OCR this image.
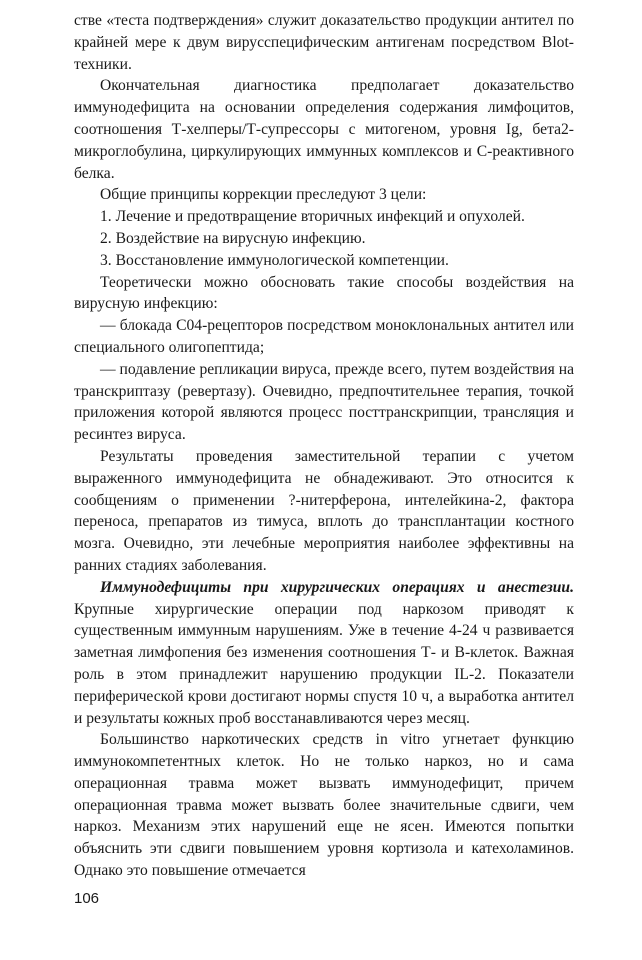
стве «теста подтверждения» служит доказательство продукции антител по крайней мере к двум вирусспецифическим антигенам посредством Blot-техники.

Окончательная диагностика предполагает доказательство иммунодефицита на основании определения содержания лимфоцитов, соотношения Т-хелперы/Т-супрессоры с митогеном, уровня Ig, бета2-микроглобулина, циркулирующих иммунных комплексов и С-реактивного белка.

Общие принципы коррекции преследуют 3 цели:

1. Лечение и предотвращение вторичных инфекций и опухолей.

2. Воздействие на вирусную инфекцию.

3. Восстановление иммунологической компетенции.

Теоретически можно обосновать такие способы воздействия на вирусную инфекцию:

— блокада С04-рецепторов посредством моноклональных антител или специального олигопептида;

— подавление репликации вируса, прежде всего, путем воздействия на транскриптазу (ревертазу). Очевидно, предпочтительнее терапия, точкой приложения которой являются процесс посттранскрипции, трансляция и ресинтез вируса.

Результаты проведения заместительной терапии с учетом выраженного иммунодефицита не обнадеживают. Это относится к сообщениям о применении ?-нитерферона, интелейкина-2, фактора переноса, препаратов из тимуса, вплоть до трансплантации костного мозга. Очевидно, эти лечебные мероприятия наиболее эффективны на ранних стадиях заболевания.

Иммунодефициты при хирургических операциях и анестезии. Крупные хирургические операции под наркозом приводят к существенным иммунным нарушениям. Уже в течение 4-24 ч развивается заметная лимфопения без изменения соотношения Т- и В-клеток. Важная роль в этом принадлежит нарушению продукции IL-2. Показатели периферической крови достигают нормы спустя 10 ч, а выработка антител и результаты кожных проб восстанавливаются через месяц.

Большинство наркотических средств in vitro угнетает функцию иммунокомпетентных клеток. Но не только наркоз, но и сама операционная травма может вызвать иммунодефицит, причем операционная травма может вызвать более значительные сдвиги, чем наркоз. Механизм этих нарушений еще не ясен. Имеются попытки объяснить эти сдвиги повышением уровня кортизола и катехоламинов. Однако это повышение отмечается

106
